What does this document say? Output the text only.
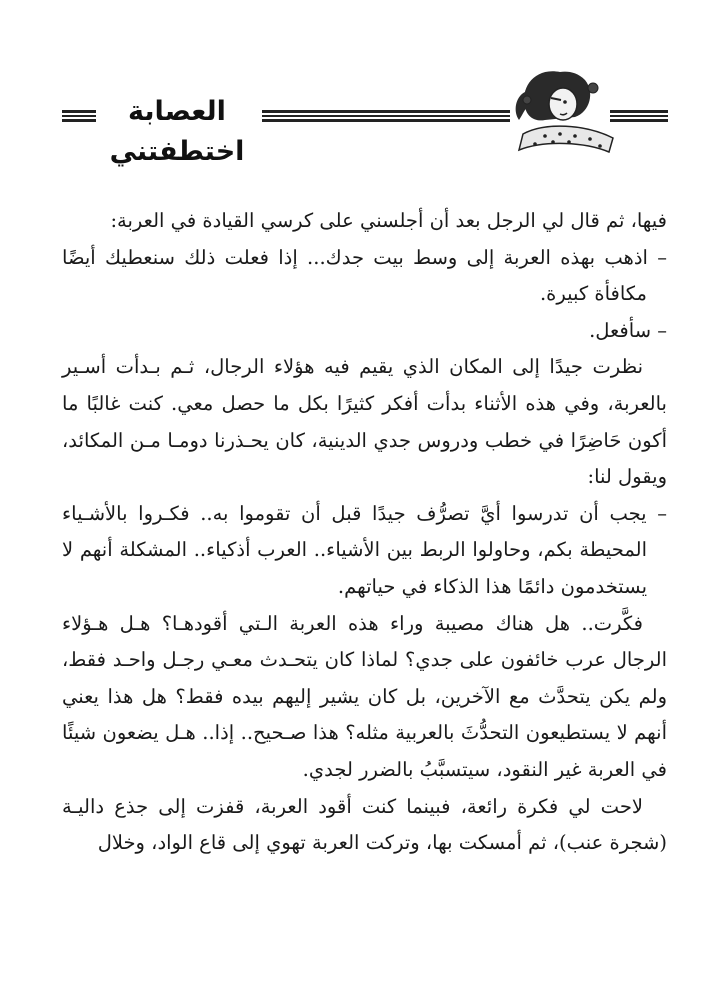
العصابة اختطفتني

فيها، ثم قال لي الرجل بعد أن أجلسني على كرسي القيادة في العربة:

– اذهب بهذه العربة إلى وسط بيت جدك... إذا فعلت ذلك سنعطيك أيضًا مكافأة كبيرة.

– سأفعل.

نظرت جيدًا إلى المكان الذي يقيم فيه هؤلاء الرجال، ثـم بـدأت أسـير بالعربة، وفي هذه الأثناء بدأت أفكر كثيرًا بكل ما حصل معي. كنت غالبًا ما أكون حَاضِرًا في خطب ودروس جدي الدينية، كان يحـذرنا دومـا مـن المكائد، ويقول لنا:

– يجب أن تدرسوا أيَّ تصرُّف جيدًا قبل أن تقوموا به.. فكـروا بالأشـياء المحيطة بكم، وحاولوا الربط بين الأشياء.. العرب أذكياء.. المشكلة أنهم لا يستخدمون دائمًا هذا الذكاء في حياتهم.

فكَّرت.. هل هناك مصيبة وراء هذه العربة الـتي أقودهـا؟ هـل هـؤلاء الرجال عرب خائفون على جدي؟ لماذا كان يتحـدث معـي رجـل واحـد فقط، ولم يكن يتحدَّث مع الآخرين، بل كان يشير إليهم بيده فقط؟ هل هذا يعني أنهم لا يستطيعون التحدُّثَ بالعربية مثله؟ هذا صـحيح.. إذا.. هـل يضعون شيئًا في العربة غير النقود، سيتسبَّبُ بالضرر لجدي.

لاحت لي فكرة رائعة، فبينما كنت أقود العربة، قفزت إلى جذع داليـة (شجرة عنب)، ثم أمسكت بها، وتركت العربة تهوي إلى قاع الواد، وخلال
